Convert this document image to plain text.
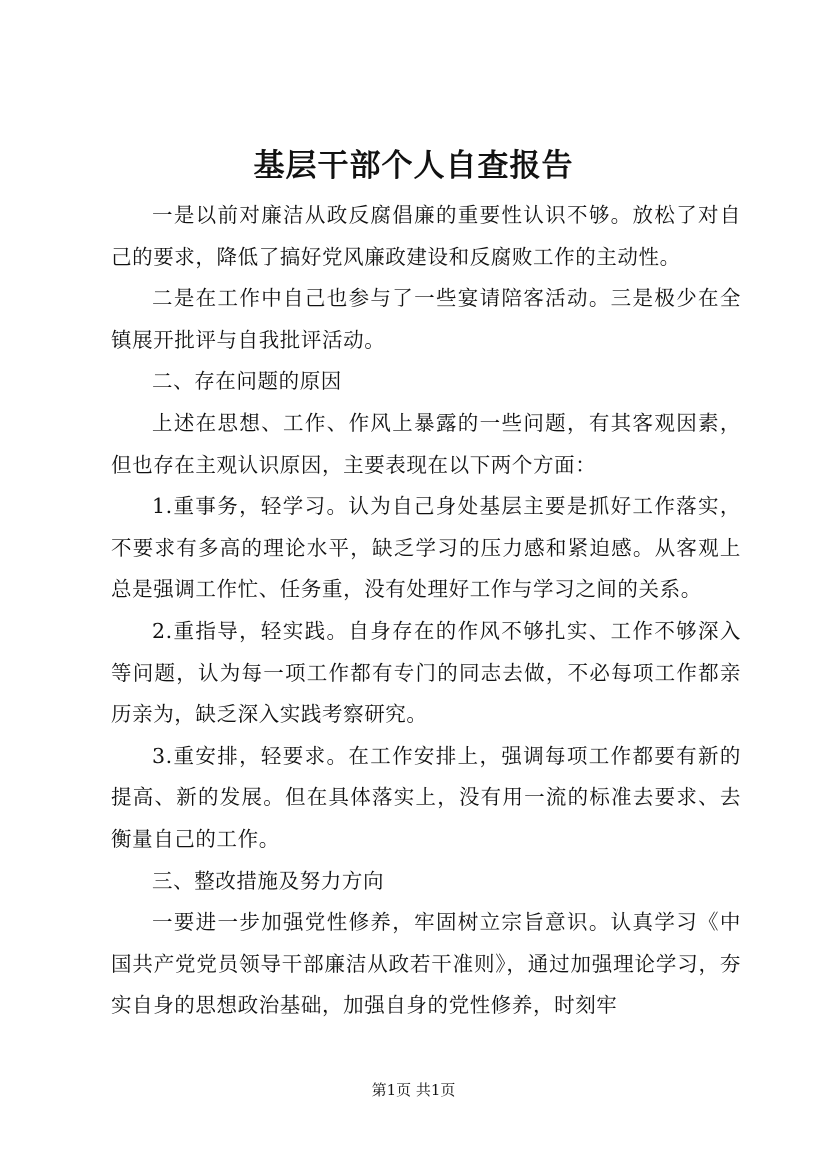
基层干部个人自查报告

一是以前对廉洁从政反腐倡廉的重要性认识不够。放松了对自己的要求，降低了搞好党风廉政建设和反腐败工作的主动性。

二是在工作中自己也参与了一些宴请陪客活动。三是极少在全镇展开批评与自我批评活动。

二、存在问题的原因

上述在思想、工作、作风上暴露的一些问题，有其客观因素，但也存在主观认识原因，主要表现在以下两个方面：

1.重事务，轻学习。认为自己身处基层主要是抓好工作落实，不要求有多高的理论水平，缺乏学习的压力感和紧迫感。从客观上总是强调工作忙、任务重，没有处理好工作与学习之间的关系。

2.重指导，轻实践。自身存在的作风不够扎实、工作不够深入等问题，认为每一项工作都有专门的同志去做，不必每项工作都亲历亲为，缺乏深入实践考察研究。

3.重安排，轻要求。在工作安排上，强调每项工作都要有新的提高、新的发展。但在具体落实上，没有用一流的标准去要求、去衡量自己的工作。

三、整改措施及努力方向

一要进一步加强党性修养，牢固树立宗旨意识。认真学习《中国共产党党员领导干部廉洁从政若干准则》，通过加强理论学习，夯实自身的思想政治基础，加强自身的党性修养，时刻牢

第1页 共1页
